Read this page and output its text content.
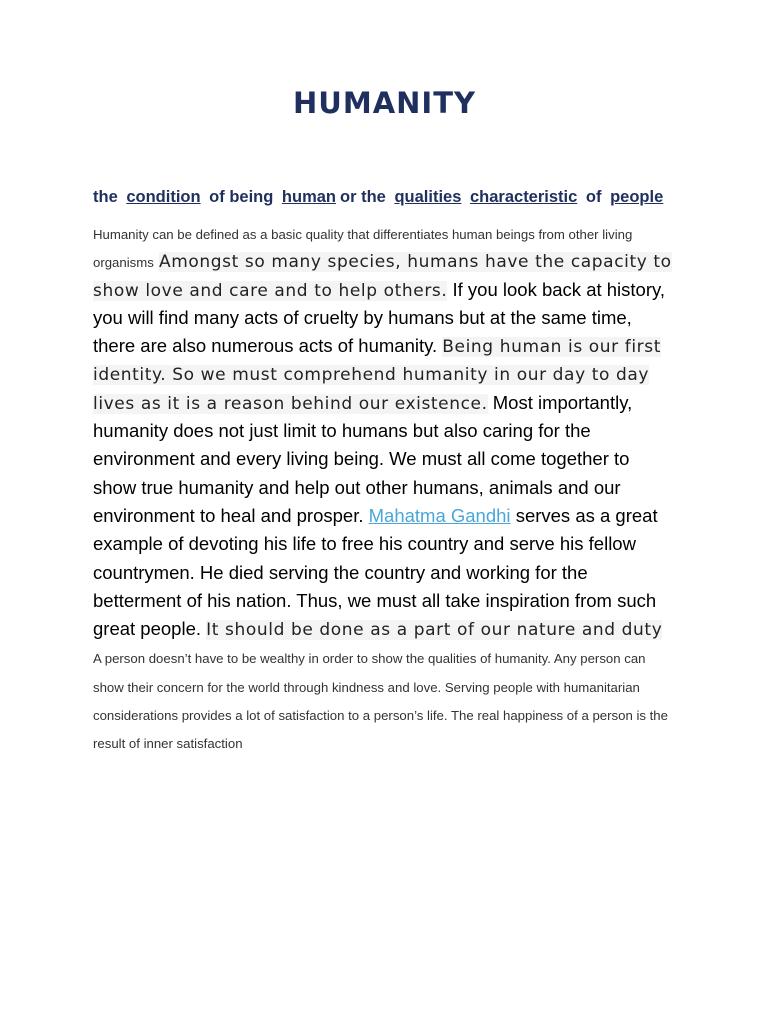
HUMANITY
the condition of being human or the qualities characteristic of people
Humanity can be defined as a basic quality that differentiates human beings from other living organisms Amongst so many species, humans have the capacity to show love and care and to help others. If you look back at history, you will find many acts of cruelty by humans but at the same time, there are also numerous acts of humanity. Being human is our first identity. So we must comprehend humanity in our day to day lives as it is a reason behind our existence. Most importantly, humanity does not just limit to humans but also caring for the environment and every living being. We must all come together to show true humanity and help out other humans, animals and our environment to heal and prosper. Mahatma Gandhi serves as a great example of devoting his life to free his country and serve his fellow countrymen. He died serving the country and working for the betterment of his nation. Thus, we must all take inspiration from such great people. It should be done as a part of our nature and duty  A person doesn’t have to be wealthy in order to show the qualities of humanity. Any person can show their concern for the world through kindness and love. Serving people with humanitarian considerations provides a lot of satisfaction to a person’s life. The real happiness of a person is the result of inner satisfaction
